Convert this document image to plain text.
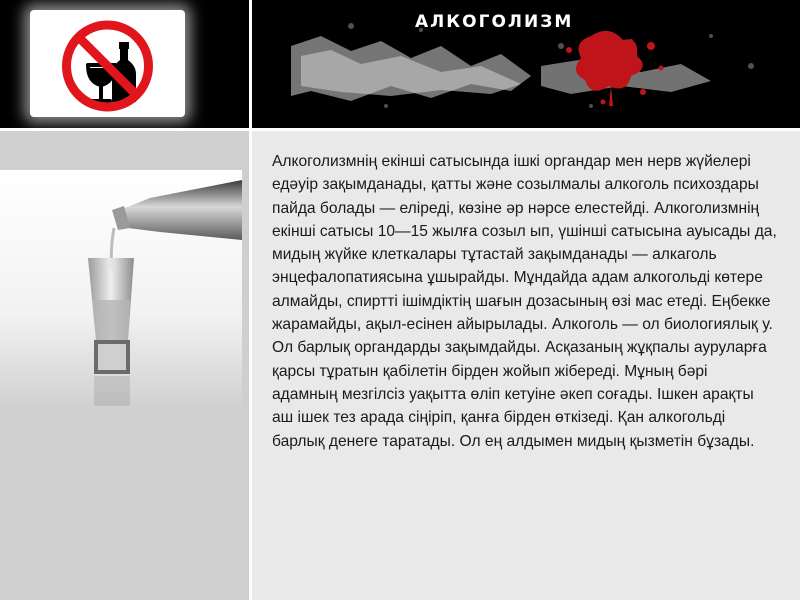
АЛКОГОЛИЗМ

Алкоголизмнің екінші сатысында ішкі органдар мен нерв жүйелері едәуір зақымданады, қатты және созылмалы алкоголь психоздары пайда болады — еліреді, көзіне әр нәрсе елестейді. Алкоголизмнің екінші сатысы 10—15 жылға созыл ып, үшінші сатысына ауысады да, мидың жүйке клеткалары тұтастай зақымданады — алкаголь энцефалопатиясына ұшырайды. Мұндайда адам алкогольді көтере алмайды, спиртті ішімдіктің шағын дозасының өзі мас етеді. Еңбекке жарамайды, ақыл-есінен айырылады. Алкоголь — ол биологиялық у. Ол барлық органдарды зақымдайды. Асқазаның жұқпалы ауруларға қарсы тұратын қабілетін бірден жойып жібереді. Мұның бәрі адамның мезгілсіз уақытта өліп кетуіне әкеп соғады. Ішкен арақты аш ішек тез арада сіңіріп, қанға бірден өткізеді. Қан алкогольді барлық денеге таратады. Ол ең алдымен мидың қызметін бұзады.
